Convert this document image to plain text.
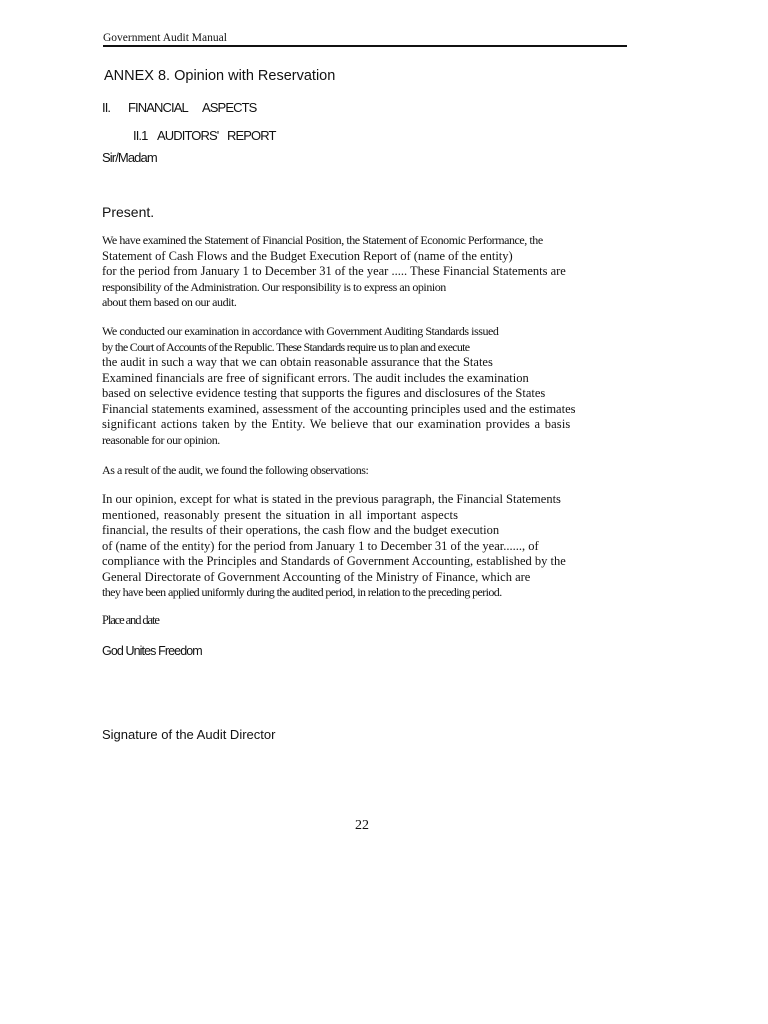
Government Audit Manual

ANNEX 8. Opinion with Reservation
II. FINANCIAL ASPECTS
II.1 AUDITORS' REPORT

Sir/Madam

Present.

We have examined the Statement of Financial Position, the Statement of Economic Performance, the
Statement of Cash Flows and the Budget Execution Report of (name of the entity)
for the period from January 1 to December 31 of the year ..... These Financial Statements are
responsibility of the Administration. Our responsibility is to express an opinion
about them based on our audit.
We conducted our examination in accordance with Government Auditing Standards issued
by the Court of Accounts of the Republic. These Standards require us to plan and execute
the audit in such a way that we can obtain reasonable assurance that the States
Examined financials are free of significant errors. The audit includes the examination
based on selective evidence testing that supports the figures and disclosures of the States
Financial statements examined, assessment of the accounting principles used and the estimates
significant actions taken by the Entity. We believe that our examination provides a basis
reasonable for our opinion.
As a result of the audit, we found the following observations:
In our opinion, except for what is stated in the previous paragraph, the Financial Statements
mentioned, reasonably present the situation in all important aspects
financial, the results of their operations, the cash flow and the budget execution
of (name of the entity) for the period from January 1 to December 31 of the year......, of
compliance with the Principles and Standards of Government Accounting, established by the
General Directorate of Government Accounting of the Ministry of Finance, which are
they have been applied uniformly during the audited period, in relation to the preceding period.

Place and date

God Unites Freedom

Signature of the Audit Director

22
